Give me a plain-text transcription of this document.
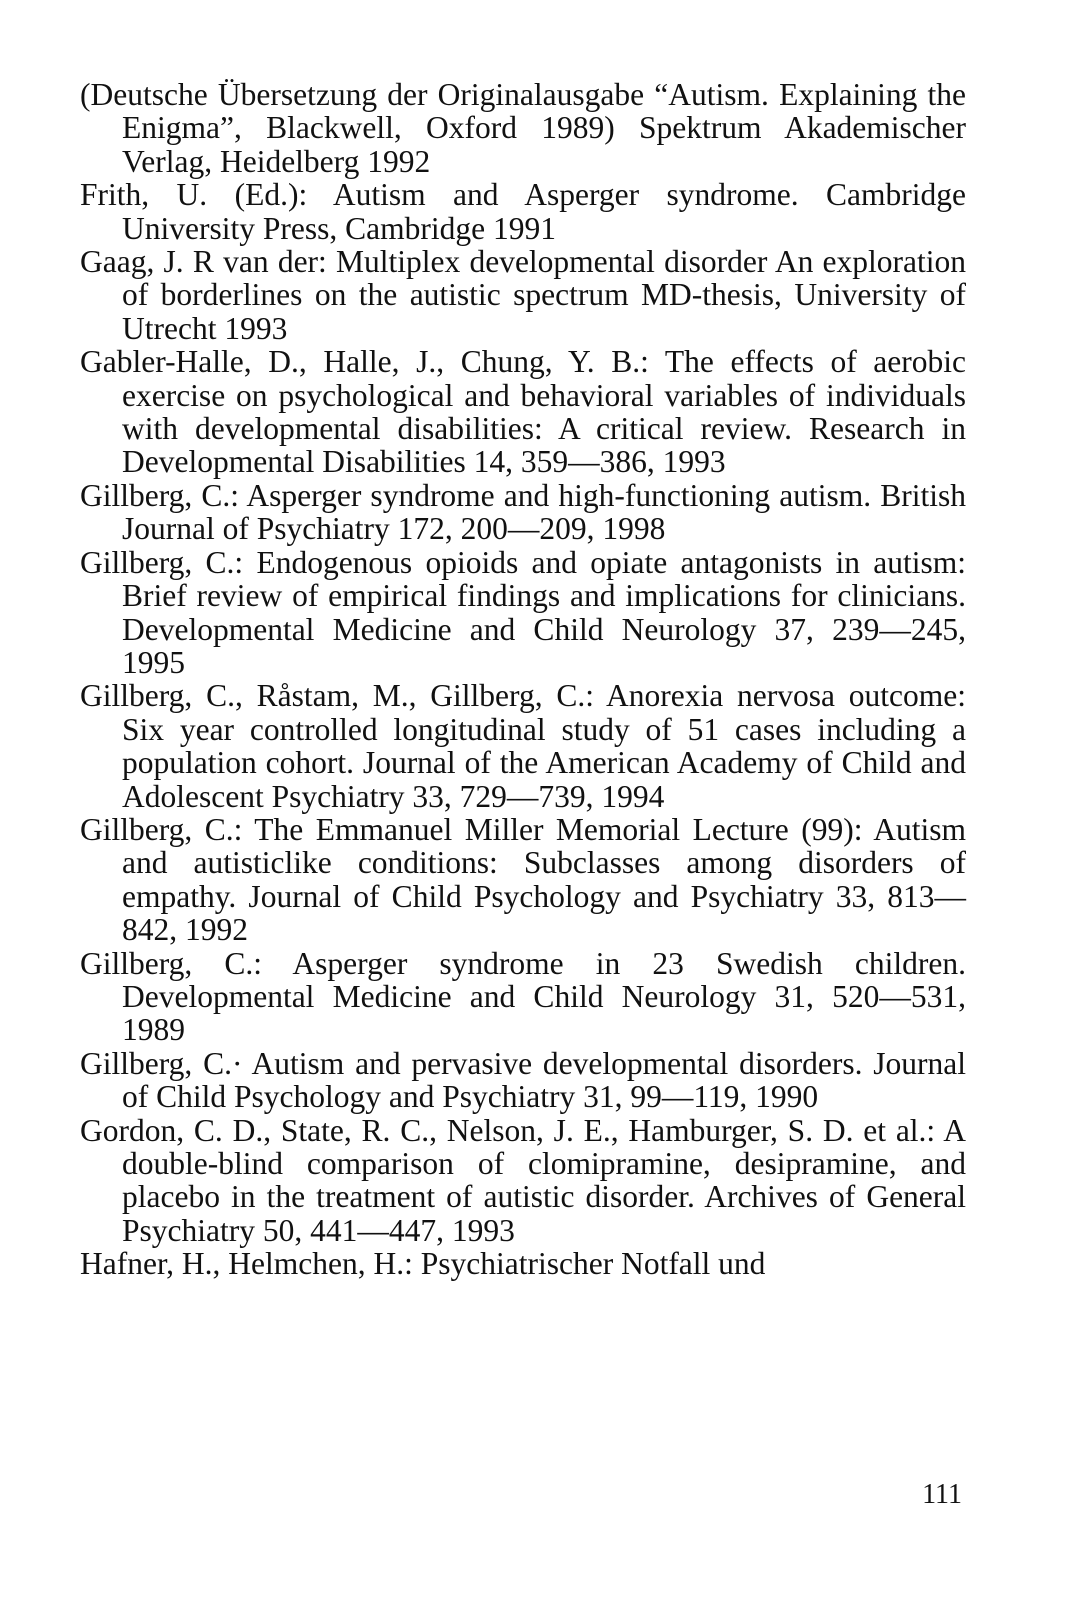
(Deutsche Übersetzung der Originalausgabe “Autism. Explaining the Enigma”, Blackwell, Oxford 1989) Spektrum Akademischer Verlag, Heidelberg 1992

Frith, U. (Ed.): Autism and Asperger syndrome. Cambridge University Press, Cambridge 1991

Gaag, J. R van der: Multiplex developmental disorder An exploration of borderlines on the autistic spectrum MD-thesis, University of Utrecht 1993

Gabler-Halle, D., Halle, J., Chung, Y. B.: The effects of aerobic exercise on psychological and behavioral variables of individuals with developmental disabilities: A critical review. Research in Developmental Disabilities 14, 359—386, 1993

Gillberg, C.: Asperger syndrome and high-functioning autism. British Journal of Psychiatry 172, 200—209, 1998

Gillberg, C.: Endogenous opioids and opiate antagonists in autism: Brief review of empirical findings and implications for clinicians. Developmental Medicine and Child Neurology 37, 239—245, 1995

Gillberg, C., Råstam, M., Gillberg, C.: Anorexia nervosa outcome: Six year controlled longitudinal study of 51 cases including a population cohort. Journal of the American Academy of Child and Adolescent Psychiatry 33, 729—739, 1994

Gillberg, C.: The Emmanuel Miller Memorial Lecture (99): Autism and autisticlike conditions: Subclasses among disorders of empathy. Journal of Child Psychology and Psychiatry 33, 813—842, 1992

Gillberg, C.: Asperger syndrome in 23 Swedish children. Developmental Medicine and Child Neurology 31, 520—531, 1989

Gillberg, C.· Autism and pervasive developmental disorders. Journal of Child Psychology and Psychiatry 31, 99—119, 1990

Gordon, C. D., State, R. C., Nelson, J. E., Hamburger, S. D. et al.: A double-blind comparison of clomipramine, desipramine, and placebo in the treatment of autistic disorder. Archives of General Psychiatry 50, 441—447, 1993

Hafner, H., Helmchen, H.: Psychiatrischer Notfall und

111
